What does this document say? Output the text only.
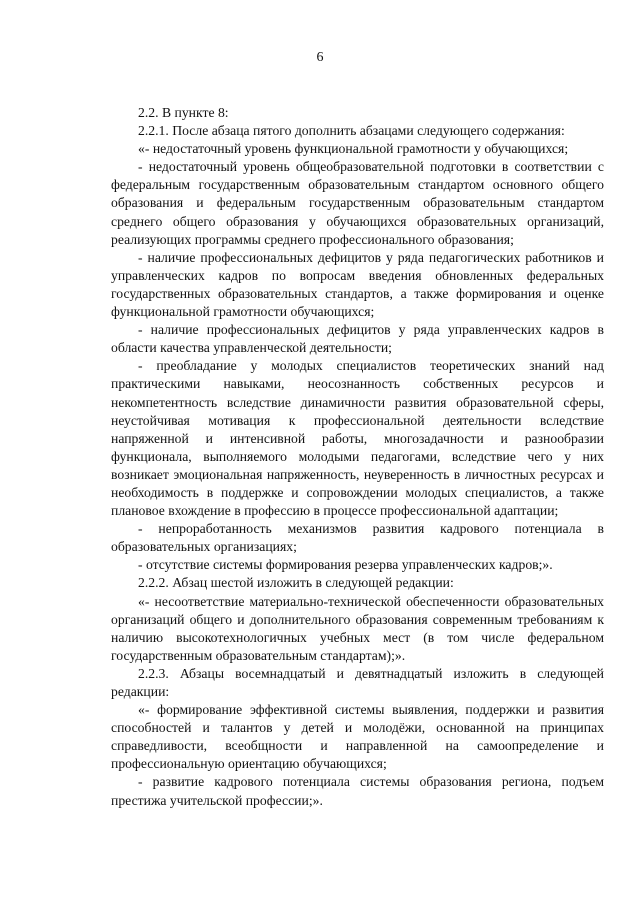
6

2.2. В пункте 8:

2.2.1. После абзаца пятого дополнить абзацами следующего содержания:

«- недостаточный уровень функциональной грамотности у обучающихся;

- недостаточный уровень общеобразовательной подготовки в соответствии с федеральным государственным образовательным стандартом основного общего образования и федеральным государственным образовательным стандартом среднего общего образования у обучающихся образовательных организаций, реализующих программы среднего профессионального образования;

- наличие профессиональных дефицитов у ряда педагогических работников и управленческих кадров по вопросам введения обновленных федеральных государственных образовательных стандартов, а также формирования и оценке функциональной грамотности обучающихся;

- наличие профессиональных дефицитов у ряда управленческих кадров в области качества управленческой деятельности;

- преобладание у молодых специалистов теоретических знаний над практическими навыками, неосознанность собственных ресурсов и некомпетентность вследствие динамичности развития образовательной сферы, неустойчивая мотивация к профессиональной деятельности вследствие напряженной и интенсивной работы, многозадачности и разнообразии функционала, выполняемого молодыми педагогами, вследствие чего у них возникает эмоциональная напряженность, неуверенность в личностных ресурсах и необходимость в поддержке и сопровождении молодых специалистов, а также плановое вхождение в профессию в процессе профессиональной адаптации;

- непроработанность механизмов развития кадрового потенциала в образовательных организациях;

- отсутствие системы формирования резерва управленческих кадров;».

2.2.2. Абзац шестой изложить в следующей редакции:

«- несоответствие материально-технической обеспеченности образовательных организаций общего и дополнительного образования современным требованиям к наличию высокотехнологичных учебных мест (в том числе федеральном государственным образовательным стандартам);».

2.2.3. Абзацы восемнадцатый и девятнадцатый изложить в следующей редакции:

«- формирование эффективной системы выявления, поддержки и развития способностей и талантов у детей и молодёжи, основанной на принципах справедливости, всеобщности и направленной на самоопределение и профессиональную ориентацию обучающихся;

- развитие кадрового потенциала системы образования региона, подъем престижа учительской профессии;».
